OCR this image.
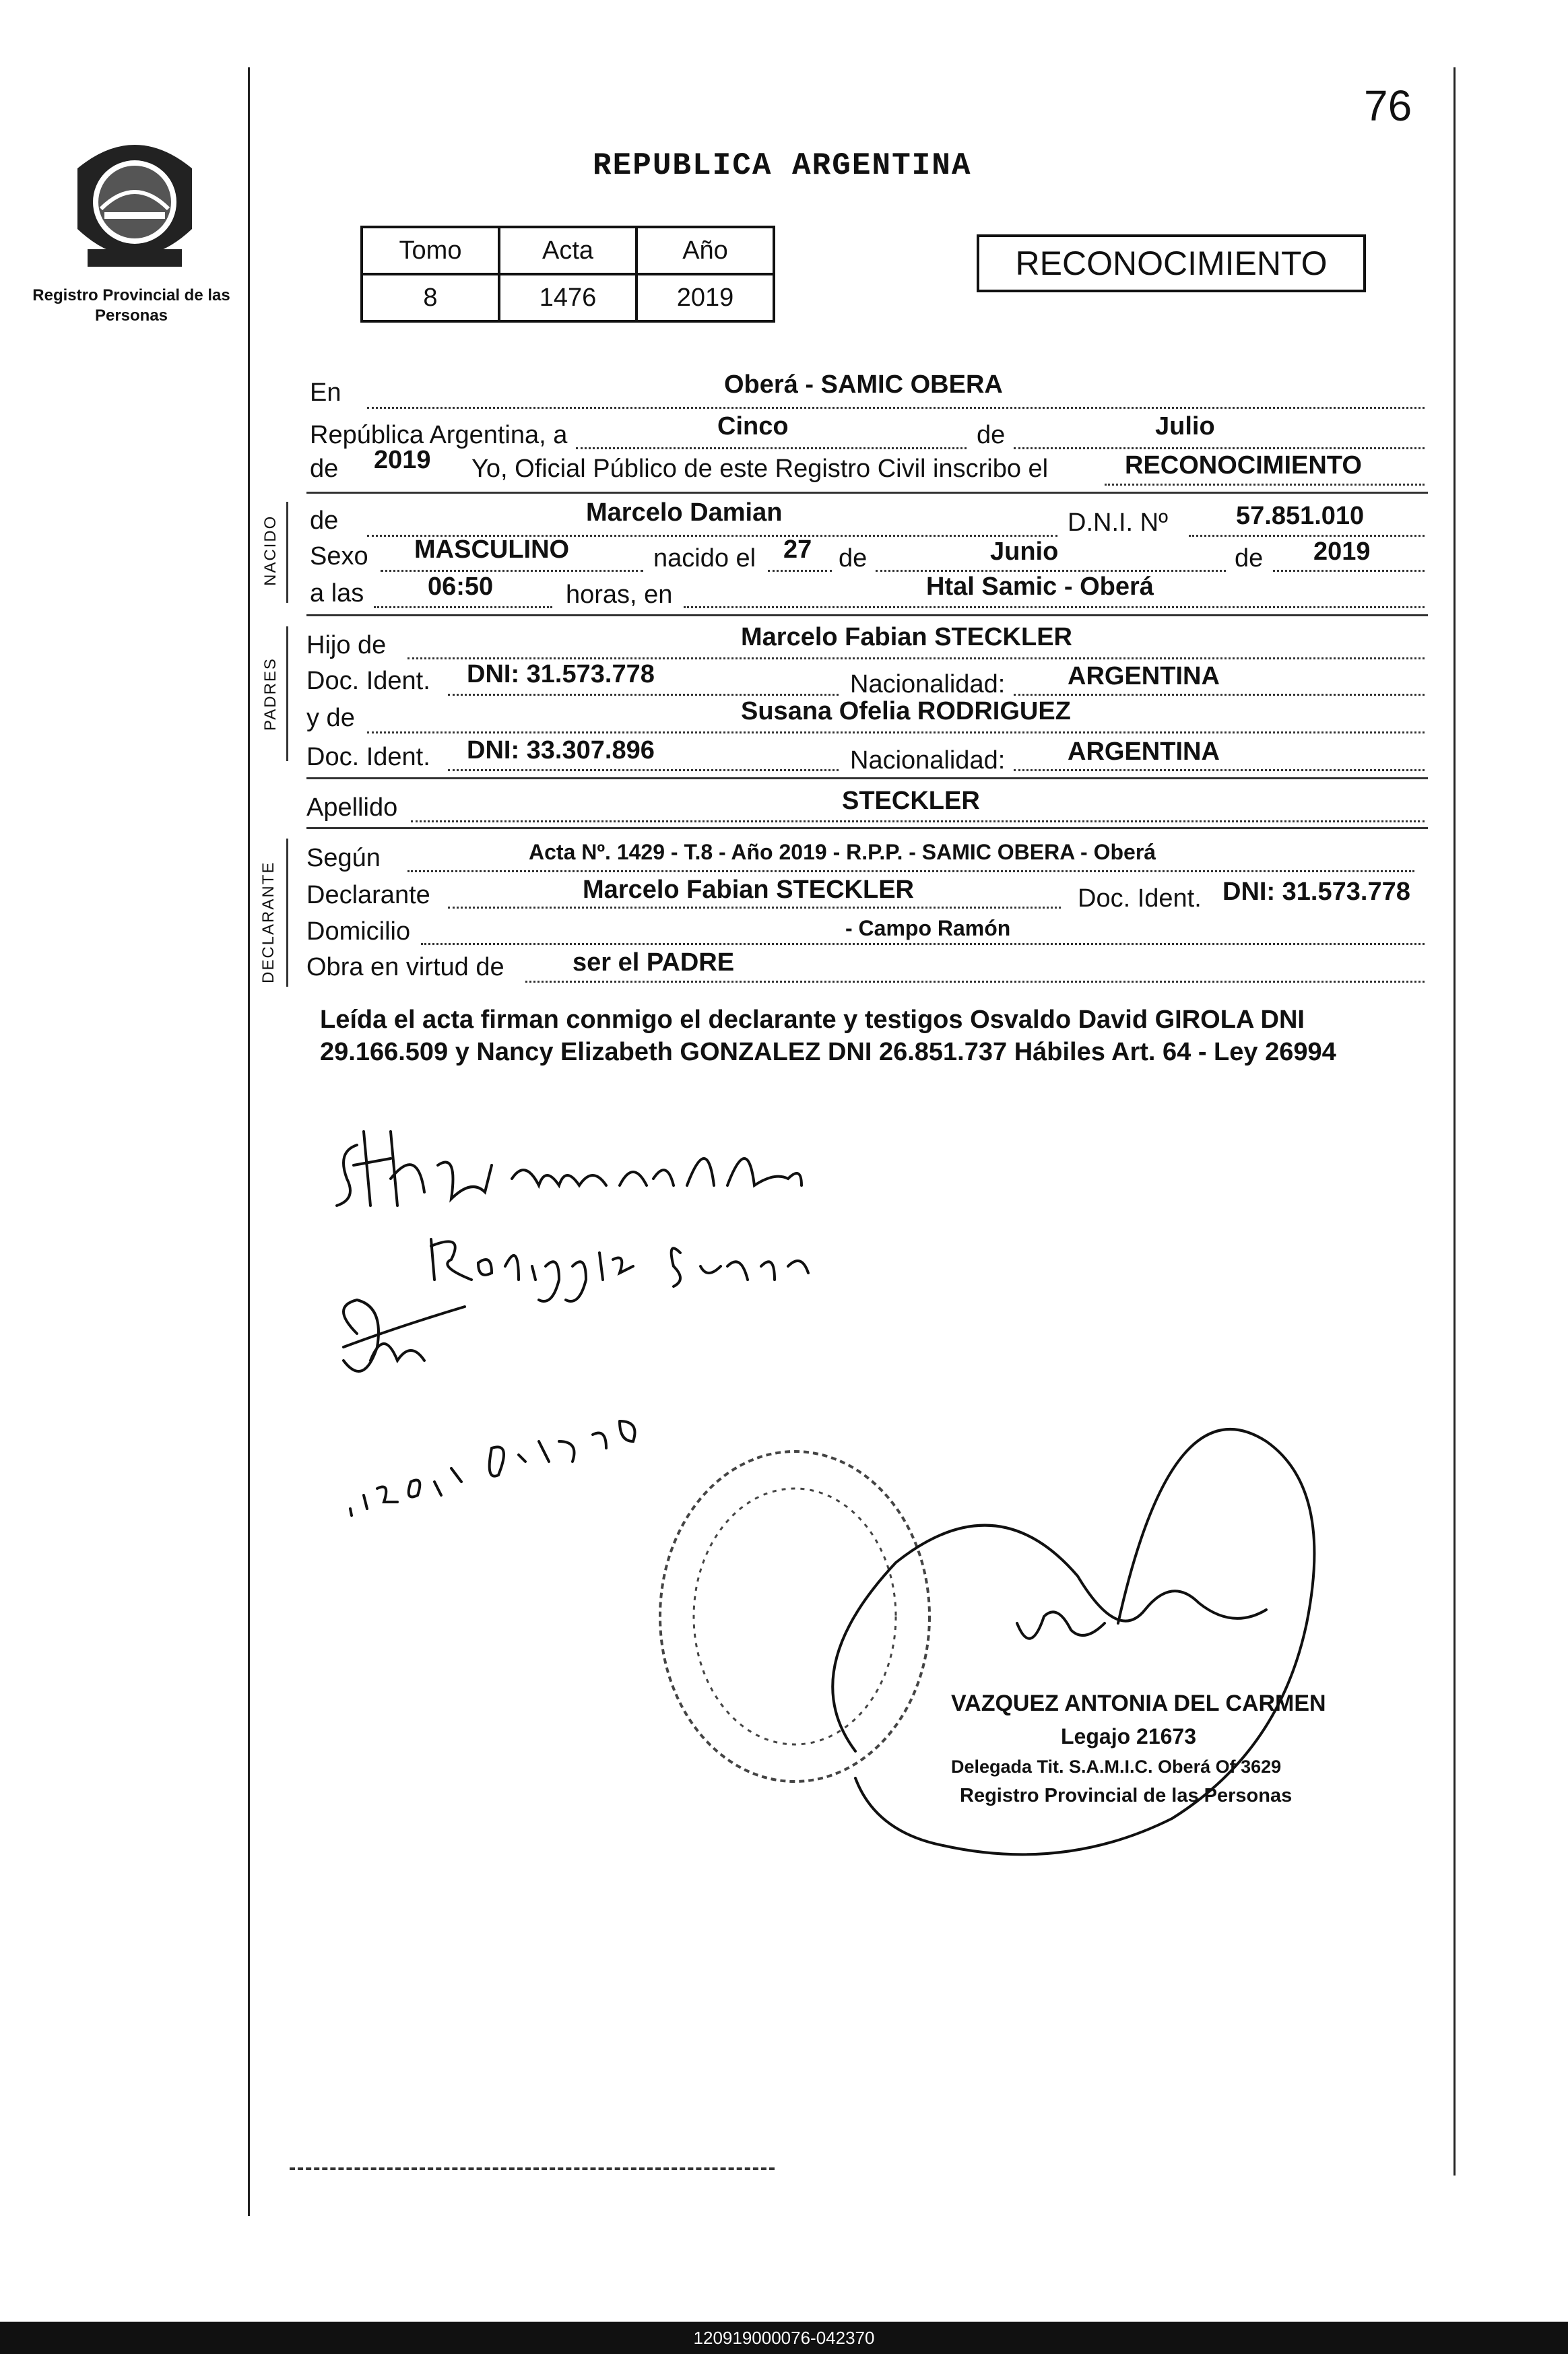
Registro Provincial de las Personas
76
REPUBLICA ARGENTINA
Tomo	Acta	Año
8	1476	2019
RECONOCIMIENTO
En	Oberá - SAMIC OBERA
República Argentina, a	Cinco	de	Julio
de 2019 Yo, Oficial Público de este Registro Civil inscribo el	RECONOCIMIENTO
NACIDO de	Marcelo Damian	D.N.I. Nº	57.851.010
Sexo MASCULINO	nacido el 27 de	Junio	de 2019
a las 06:50	horas, en	Htal Samic - Oberá
PADRES
Hijo de	Marcelo Fabian STECKLER
Doc. Ident. DNI: 31.573.778	Nacionalidad: ARGENTINA
y de	Susana Ofelia RODRIGUEZ
Doc. Ident. DNI: 33.307.896	Nacionalidad: ARGENTINA
Apellido	STECKLER
DECLARANTE
Según	Acta Nº. 1429 - T.8 - Año 2019 - R.P.P. - SAMIC OBERA - Oberá
Declarante	Marcelo Fabian STECKLER	Doc. Ident. DNI: 31.573.778
Domicilio	- Campo Ramón
Obra en virtud de	ser el PADRE
Leída el acta firman conmigo el declarante y testigos Osvaldo David GIROLA DNI 29.166.509 y Nancy Elizabeth GONZALEZ DNI 26.851.737 Hábiles Art. 64 - Ley 26994
VAZQUEZ ANTONIA DEL CARMEN
Legajo 21673
Delegada Tit. S.A.M.I.C. Oberá Of 3629
Registro Provincial de las Personas
120919000076-042370
